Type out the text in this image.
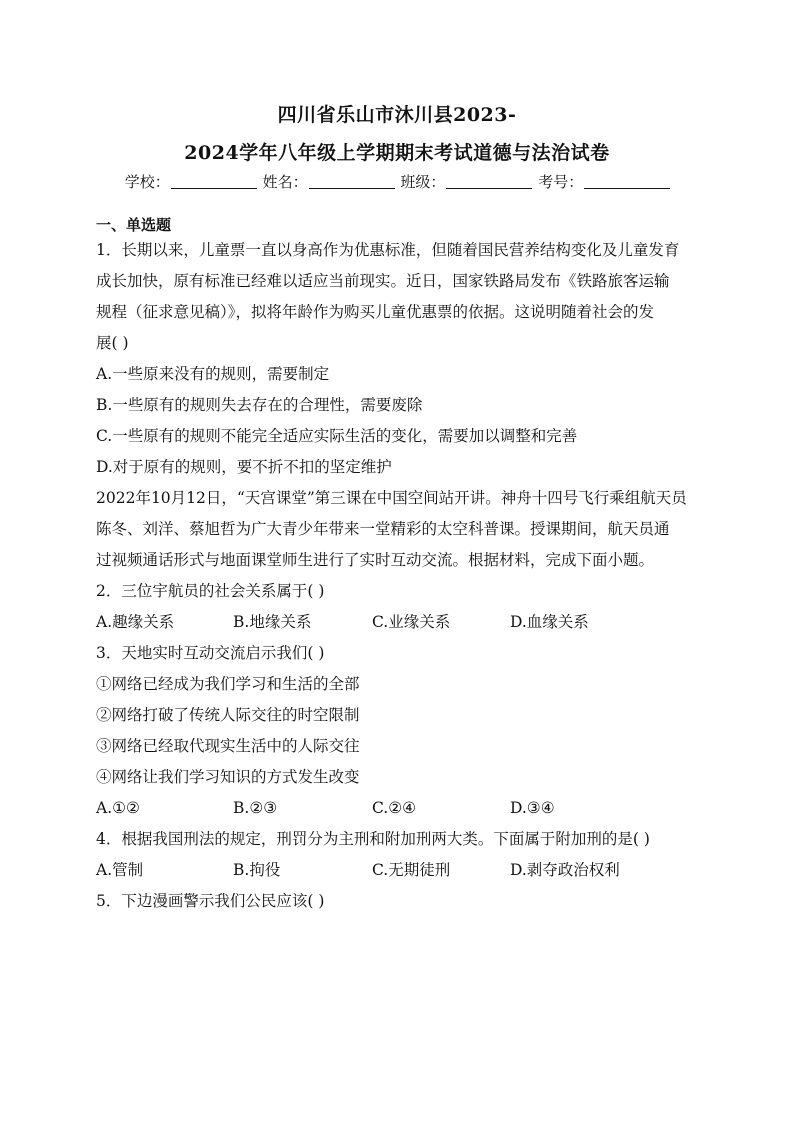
四川省乐山市沐川县2023-
2024学年八年级上学期期末考试道德与法治试卷
学校：	姓名：	班级：	考号：
一、单选题
1．长期以来，儿童票一直以身高作为优惠标准，但随着国民营养结构变化及儿童发育
成长加快，原有标准已经难以适应当前现实。近日，国家铁路局发布《铁路旅客运输
规程（征求意见稿）》，拟将年龄作为购买儿童优惠票的依据。这说明随着社会的发
展( )
A.一些原来没有的规则，需要制定
B.一些原有的规则失去存在的合理性，需要废除
C.一些原有的规则不能完全适应实际生活的变化，需要加以调整和完善
D.对于原有的规则，要不折不扣的坚定维护
2022年10月12日，“天宫课堂”第三课在中国空间站开讲。神舟十四号飞行乘组航天员
陈冬、刘洋、蔡旭哲为广大青少年带来一堂精彩的太空科普课。授课期间，航天员通
过视频通话形式与地面课堂师生进行了实时互动交流。根据材料，完成下面小题。
2．三位宇航员的社会关系属于( )
A.趣缘关系	B.地缘关系	C.业缘关系	D.血缘关系
3．天地实时互动交流启示我们( )
①网络已经成为我们学习和生活的全部
②网络打破了传统人际交往的时空限制
③网络已经取代现实生活中的人际交往
④网络让我们学习知识的方式发生改变
A.①②	B.②③	C.②④	D.③④
4．根据我国刑法的规定，刑罚分为主刑和附加刑两大类。下面属于附加刑的是( )
A.管制	B.拘役	C.无期徒刑	D.剥夺政治权利
5．下边漫画警示我们公民应该( )
